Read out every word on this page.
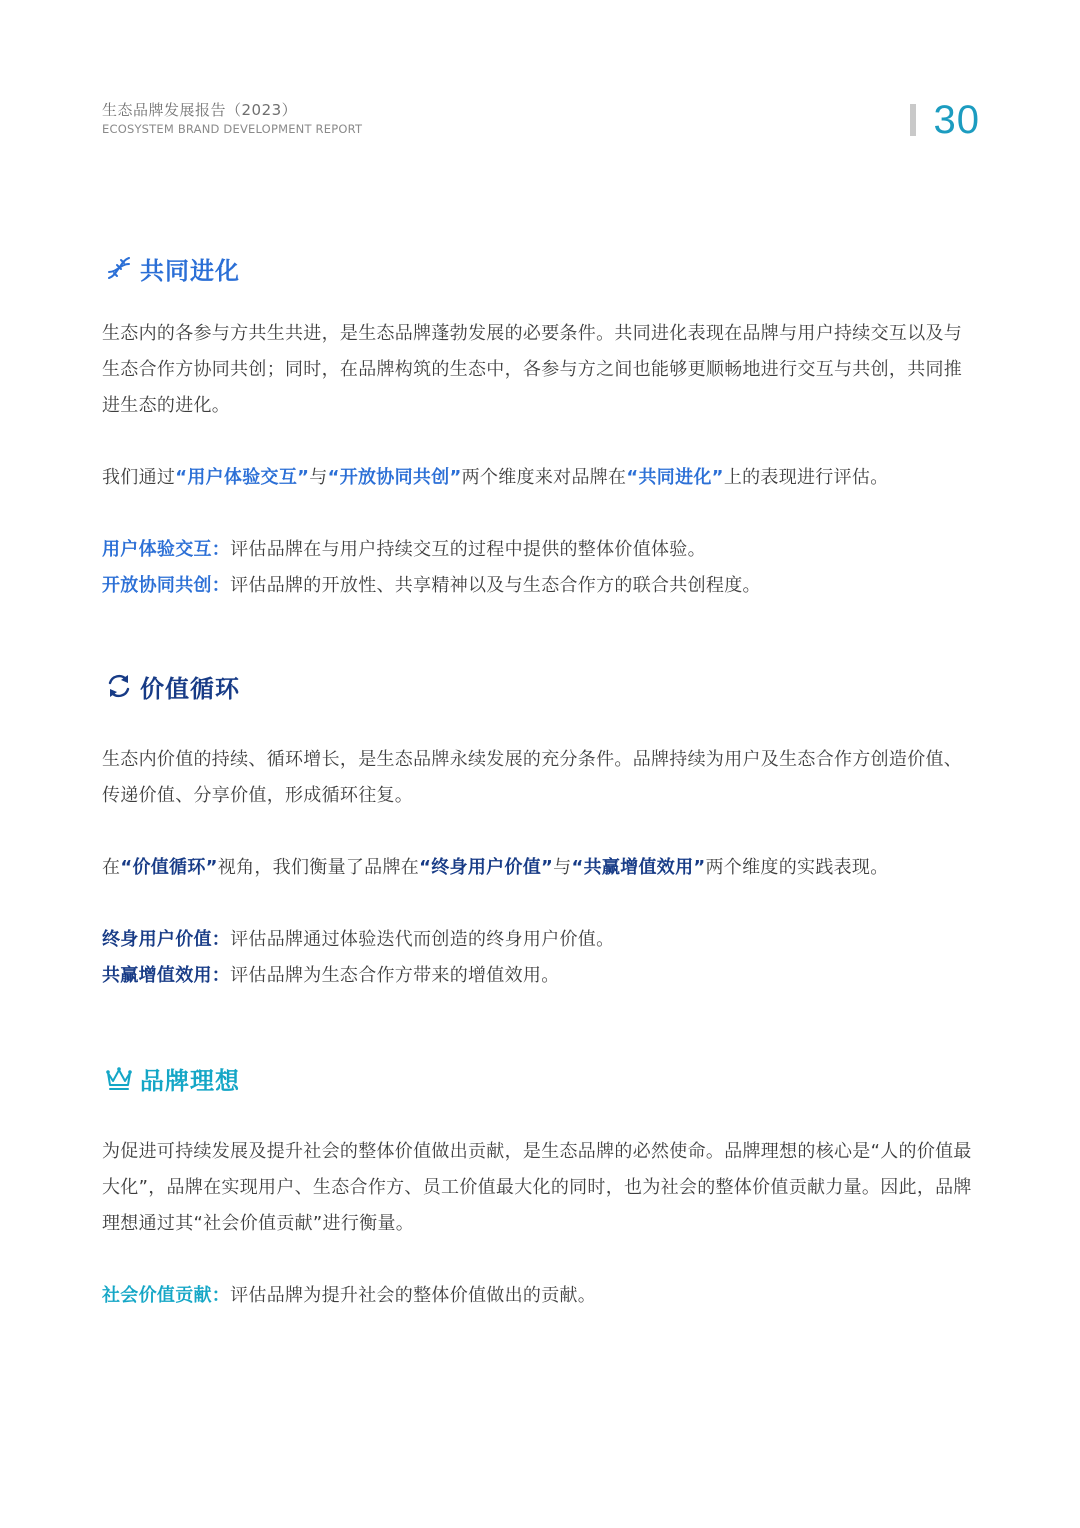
生态品牌发展报告（2023）
ECOSYSTEM BRAND DEVELOPMENT REPORT	30
共同进化

生态内的各参与方共生共进，是生态品牌蓬勃发展的必要条件。共同进化表现在品牌与用户持续交互以及与生态合作方协同共创；同时，在品牌构筑的生态中，各参与方之间也能够更顺畅地进行交互与共创，共同推进生态的进化。

我们通过“用户体验交互”与“开放协同共创”两个维度来对品牌在“共同进化”上的表现进行评估。

用户体验交互：评估品牌在与用户持续交互的过程中提供的整体价值体验。

开放协同共创：评估品牌的开放性、共享精神以及与生态合作方的联合共创程度。

价值循环

生态内价值的持续、循环增长，是生态品牌永续发展的充分条件。品牌持续为用户及生态合作方创造价值、传递价值、分享价值，形成循环往复。

在“价值循环”视角，我们衡量了品牌在“终身用户价值”与“共赢增值效用”两个维度的实践表现。

终身用户价值：评估品牌通过体验迭代而创造的终身用户价值。

共赢增值效用：评估品牌为生态合作方带来的增值效用。

品牌理想

为促进可持续发展及提升社会的整体价值做出贡献，是生态品牌的必然使命。品牌理想的核心是“人的价值最大化”，品牌在实现用户、生态合作方、员工价值最大化的同时，也为社会的整体价值贡献力量。因此，品牌理想通过其“社会价值贡献”进行衡量。

社会价值贡献：评估品牌为提升社会的整体价值做出的贡献。
